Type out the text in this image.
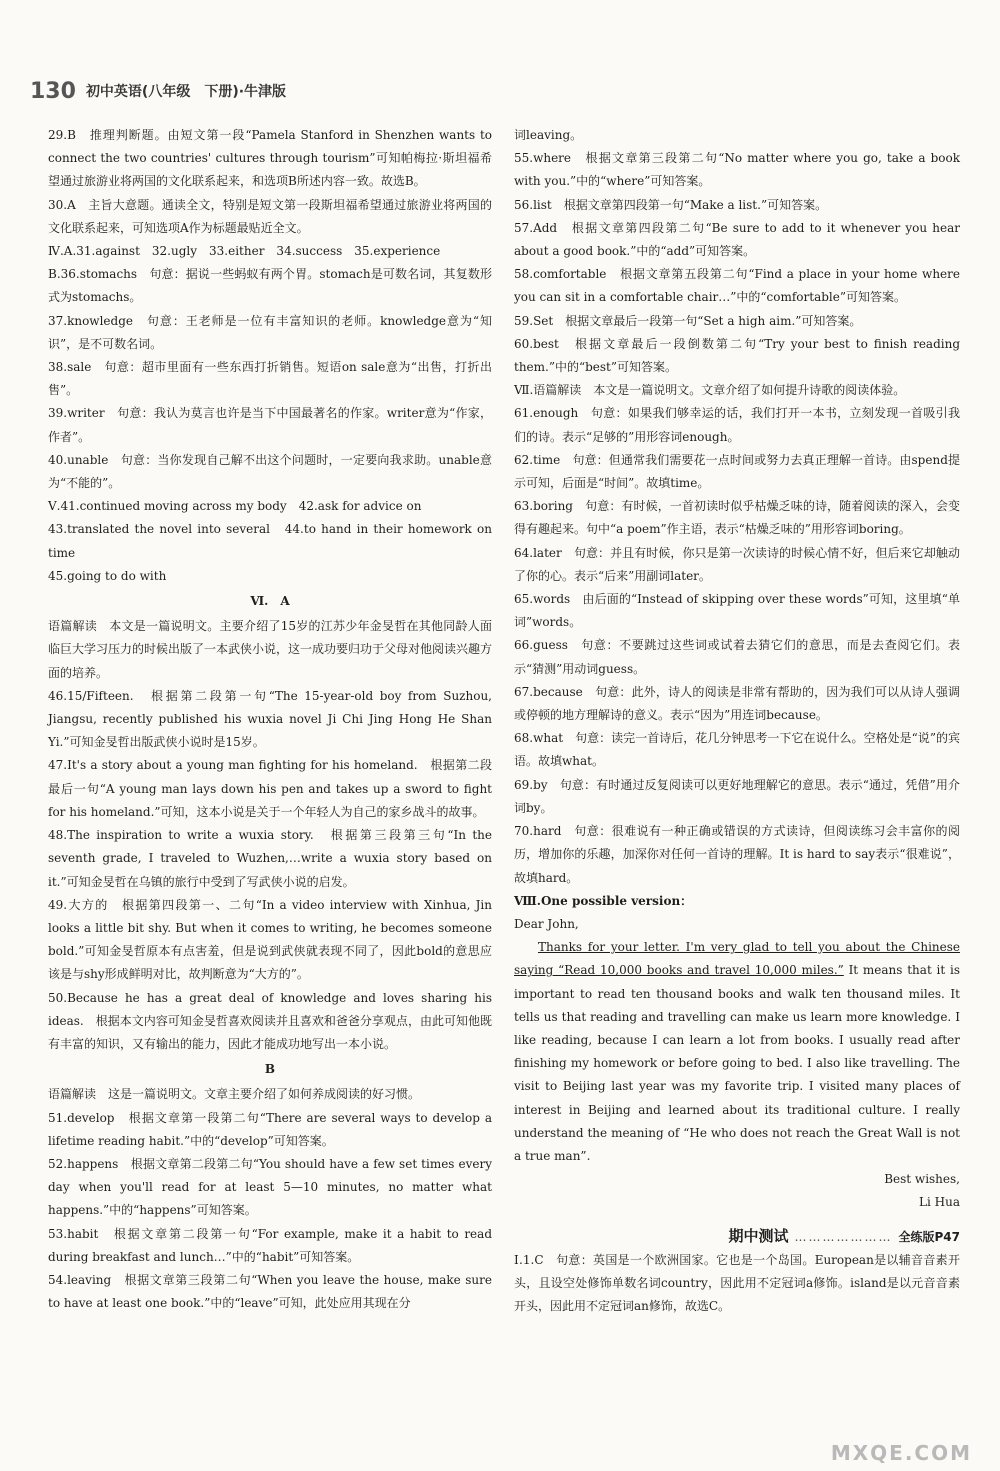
130 初中英语(八年级　下册)·牛津版

29.B　推理判断题。由短文第一段“Pamela Stanford in Shenzhen wants to connect the two countries' cultures through tourism”可知帕梅拉·斯坦福希望通过旅游业将两国的文化联系起来，和选项B所述内容一致。故选B。

30.A　主旨大意题。通读全文，特别是短文第一段斯坦福希望通过旅游业将两国的文化联系起来，可知选项A作为标题最贴近全文。

Ⅳ.A.31.against　32.ugly　33.either　34.success　35.experience

B.36.stomachs　句意：据说一些蚂蚁有两个胃。stomach是可数名词，其复数形式为stomachs。

37.knowledge　句意：王老师是一位有丰富知识的老师。knowledge意为“知识”，是不可数名词。

38.sale　句意：超市里面有一些东西打折销售。短语on sale意为“出售，打折出售”。

39.writer　句意：我认为莫言也许是当下中国最著名的作家。writer意为“作家，作者”。

40.unable　句意：当你发现自己解不出这个问题时，一定要向我求助。unable意为“不能的”。

Ⅴ.41.continued moving across my body　42.ask for advice on

43.translated the novel into several　44.to hand in their homework on time

45.going to do with

Ⅵ.　A

语篇解读　本文是一篇说明文。主要介绍了15岁的江苏少年金旻哲在其他同龄人面临巨大学习压力的时候出版了一本武侠小说，这一成功要归功于父母对他阅读兴趣方面的培养。

46.15/Fifteen.　根据第二段第一句“The 15-year-old boy from Suzhou, Jiangsu, recently published his wuxia novel Ji Chi Jing Hong He Shan Yi.”可知金旻哲出版武侠小说时是15岁。

47.It's a story about a young man fighting for his homeland.　根据第二段最后一句“A young man lays down his pen and takes up a sword to fight for his homeland.”可知，这本小说是关于一个年轻人为自己的家乡战斗的故事。

48.The inspiration to write a wuxia story.　根据第三段第三句“In the seventh grade, I traveled to Wuzhen,…write a wuxia story based on it.”可知金旻哲在乌镇的旅行中受到了写武侠小说的启发。

49.大方的　根据第四段第一、二句“In a video interview with Xinhua, Jin looks a little bit shy. But when it comes to writing, he becomes someone bold.”可知金旻哲原本有点害羞，但是说到武侠就表现不同了，因此bold的意思应该是与shy形成鲜明对比，故判断意为“大方的”。

50.Because he has a great deal of knowledge and loves sharing his ideas.　根据本文内容可知金旻哲喜欢阅读并且喜欢和爸爸分享观点，由此可知他既有丰富的知识，又有输出的能力，因此才能成功地写出一本小说。

B

语篇解读　这是一篇说明文。文章主要介绍了如何养成阅读的好习惯。

51.develop　根据文章第一段第二句“There are several ways to develop a lifetime reading habit.”中的“develop”可知答案。

52.happens　根据文章第二段第二句“You should have a few set times every day when you'll read for at least 5—10 minutes, no matter what happens.”中的“happens”可知答案。

53.habit　根据文章第二段第一句“For example, make it a habit to read during breakfast and lunch…”中的“habit”可知答案。

54.leaving　根据文章第三段第二句“When you leave the house, make sure to have at least one book.”中的“leave”可知，此处应用其现在分

词leaving。

55.where　根据文章第三段第二句“No matter where you go, take a book with you.”中的“where”可知答案。

56.list　根据文章第四段第一句“Make a list.”可知答案。

57.Add　根据文章第四段第二句“Be sure to add to it whenever you hear about a good book.”中的“add”可知答案。

58.comfortable　根据文章第五段第二句“Find a place in your home where you can sit in a comfortable chair…”中的“comfortable”可知答案。

59.Set　根据文章最后一段第一句“Set a high aim.”可知答案。

60.best　根据文章最后一段倒数第二句“Try your best to finish reading them.”中的“best”可知答案。

Ⅶ.语篇解读　本文是一篇说明文。文章介绍了如何提升诗歌的阅读体验。

61.enough　句意：如果我们够幸运的话，我们打开一本书，立刻发现一首吸引我们的诗。表示“足够的”用形容词enough。

62.time　句意：但通常我们需要花一点时间或努力去真正理解一首诗。由spend提示可知，后面是“时间”。故填time。

63.boring　句意：有时候，一首初读时似乎枯燥乏味的诗，随着阅读的深入，会变得有趣起来。句中“a poem”作主语，表示“枯燥乏味的”用形容词boring。

64.later　句意：并且有时候，你只是第一次读诗的时候心情不好，但后来它却触动了你的心。表示“后来”用副词later。

65.words　由后面的“Instead of skipping over these words”可知，这里填“单词”words。

66.guess　句意：不要跳过这些词或试着去猜它们的意思，而是去查阅它们。表示“猜测”用动词guess。

67.because　句意：此外，诗人的阅读是非常有帮助的，因为我们可以从诗人强调或停顿的地方理解诗的意义。表示“因为”用连词because。

68.what　句意：读完一首诗后，花几分钟思考一下它在说什么。空格处是“说”的宾语。故填what。

69.by　句意：有时通过反复阅读可以更好地理解它的意思。表示“通过，凭借”用介词by。

70.hard　句意：很难说有一种正确或错误的方式读诗，但阅读练习会丰富你的阅历，增加你的乐趣，加深你对任何一首诗的理解。It is hard to say表示“很难说”，故填hard。

Ⅷ.One possible version：

Dear John,

Thanks for your letter. I'm very glad to tell you about the Chinese saying “Read 10,000 books and travel 10,000 miles.” It means that it is important to read ten thousand books and walk ten thousand miles. It tells us that reading and travelling can make us learn more knowledge. I like reading, because I can learn a lot from books. I usually read after finishing my homework or before going to bed. I also like travelling. The visit to Beijing last year was my favorite trip. I visited many places of interest in Beijing and learned about its traditional culture. I really understand the meaning of “He who does not reach the Great Wall is not a true man”.

Best wishes,

Li Hua

期中测试 ………………… 全练版P47

Ⅰ.1.C　句意：英国是一个欧洲国家。它也是一个岛国。European是以辅音音素开头，且设空处修饰单数名词country，因此用不定冠词a修饰。island是以元音音素开头，因此用不定冠词an修饰，故选C。

MXQE.COM
